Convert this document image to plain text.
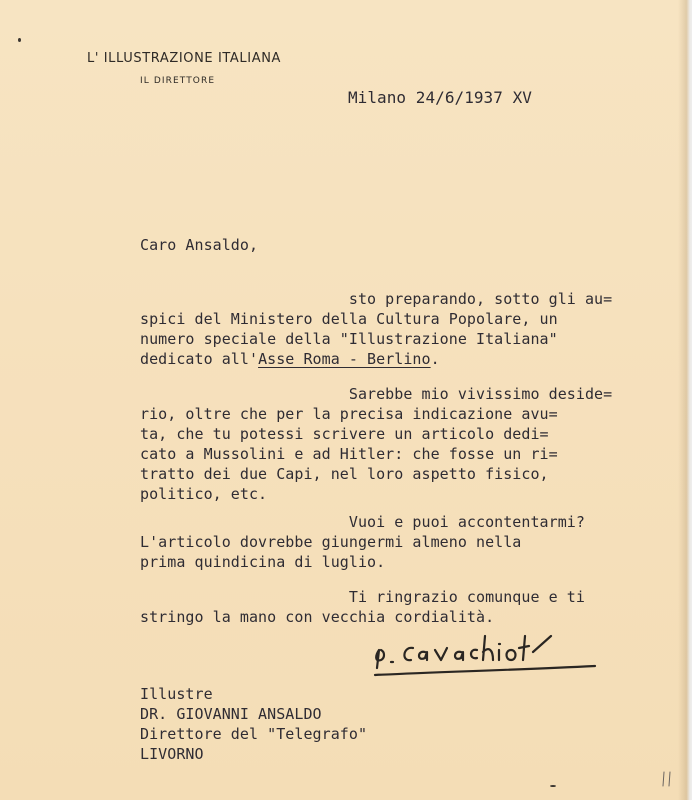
L' ILLUSTRAZIONE ITALIANA
IL DIRETTORE
Milano 24/6/1937 XV
Caro Ansaldo,
sto preparando, sotto gli au=
spici del Ministero della Cultura Popolare, un
numero speciale della "Illustrazione Italiana"
dedicato all'Asse Roma - Berlino.
Sarebbe mio vivissimo deside=
rio, oltre che per la precisa indicazione avu=
ta, che tu potessi scrivere un articolo dedi=
cato a Mussolini e ad Hitler: che fosse un ri=
tratto dei due Capi, nel loro aspetto fisico,
politico, etc.
Vuoi e puoi accontentarmi?
L'articolo dovrebbe giungermi almeno nella
prima quindicina di luglio.
Ti ringrazio comunque e ti
stringo la mano con vecchia cordialità.
Illustre
DR. GIOVANNI ANSALDO
Direttore del "Telegrafo"
LIVORNO
